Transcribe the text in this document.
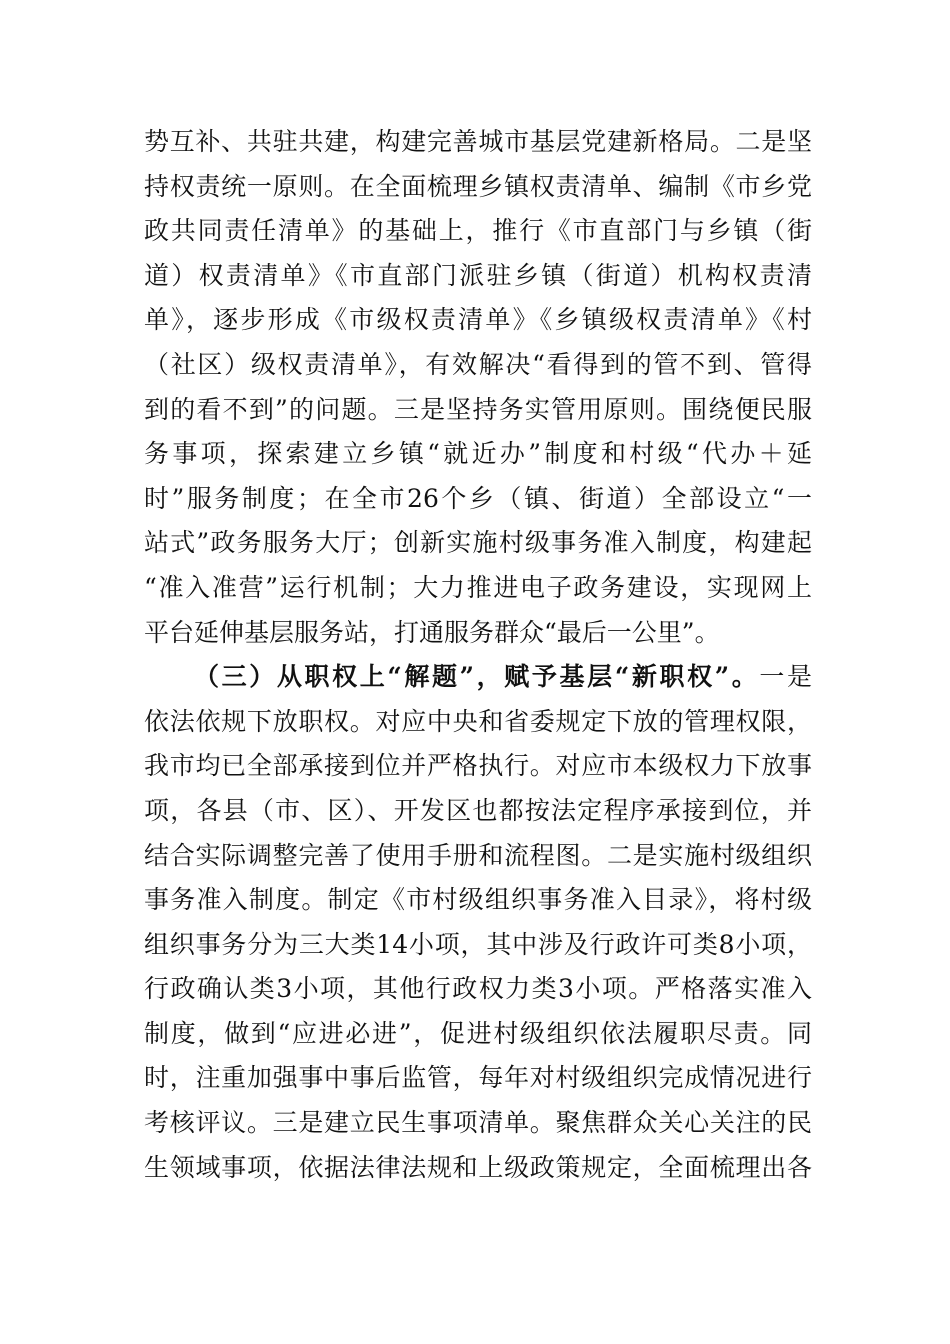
势互补、共驻共建，构建完善城市基层党建新格局。二是坚
持权责统一原则。在全面梳理乡镇权责清单、编制《市乡党
政共同责任清单》的基础上，推行《市直部门与乡镇（街
道）权责清单》《市直部门派驻乡镇（街道）机构权责清
单》，逐步形成《市级权责清单》《乡镇级权责清单》《村
（社区）级权责清单》，有效解决“看得到的管不到、管得
到的看不到”的问题。三是坚持务实管用原则。围绕便民服
务事项，探索建立乡镇“就近办”制度和村级“代办＋延
时”服务制度；在全市26个乡（镇、街道）全部设立“一
站式”政务服务大厅；创新实施村级事务准入制度，构建起
“准入准营”运行机制；大力推进电子政务建设，实现网上
平台延伸基层服务站，打通服务群众“最后一公里”。
（三）从职权上“解题”，赋予基层“新职权”。一是
依法依规下放职权。对应中央和省委规定下放的管理权限，
我市均已全部承接到位并严格执行。对应市本级权力下放事
项，各县（市、区）、开发区也都按法定程序承接到位，并
结合实际调整完善了使用手册和流程图。二是实施村级组织
事务准入制度。制定《市村级组织事务准入目录》，将村级
组织事务分为三大类14小项，其中涉及行政许可类8小项，
行政确认类3小项，其他行政权力类3小项。严格落实准入
制度，做到“应进必进”，促进村级组织依法履职尽责。同
时，注重加强事中事后监管，每年对村级组织完成情况进行
考核评议。三是建立民生事项清单。聚焦群众关心关注的民
生领域事项，依据法律法规和上级政策规定，全面梳理出各
